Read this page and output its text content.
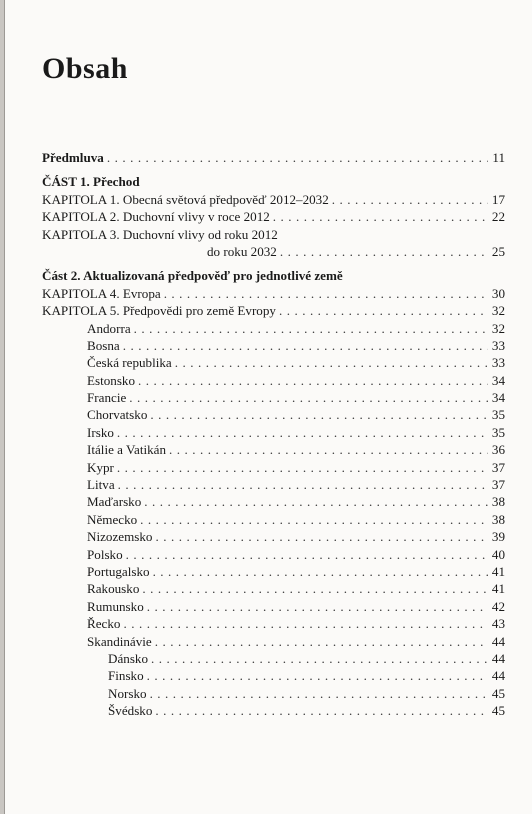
Obsah
Předmluva . . .	11
ČÁST 1. Přechod
KAPITOLA 1. Obecná světová předpověď 2012–2032 . . .	17
KAPITOLA 2. Duchovní vlivy v roce 2012 . . .	22
KAPITOLA 3. Duchovní vlivy od roku 2012
do roku 2032 . . .	25
Část 2. Aktualizovaná předpověď pro jednotlivé země
KAPITOLA 4. Evropa . . .	30
KAPITOLA 5. Předpovědi pro země Evropy . . .	32
Andorra . . .	32
Bosna . . .	33
Česká republika . . .	33
Estonsko . . .	34
Francie . . .	34
Chorvatsko . . .	35
Irsko . . .	35
Itálie a Vatikán . . .	36
Kypr . . .	37
Litva . . .	37
Maďarsko . . .	38
Německo . . .	38
Nizozemsko . . .	39
Polsko . . .	40
Portugalsko . . .	41
Rakousko . . .	41
Rumunsko . . .	42
Řecko . . .	43
Skandinávie . . .	44
Dánsko . . .	44
Finsko . . .	44
Norsko . . .	45
Švédsko . . .	45
